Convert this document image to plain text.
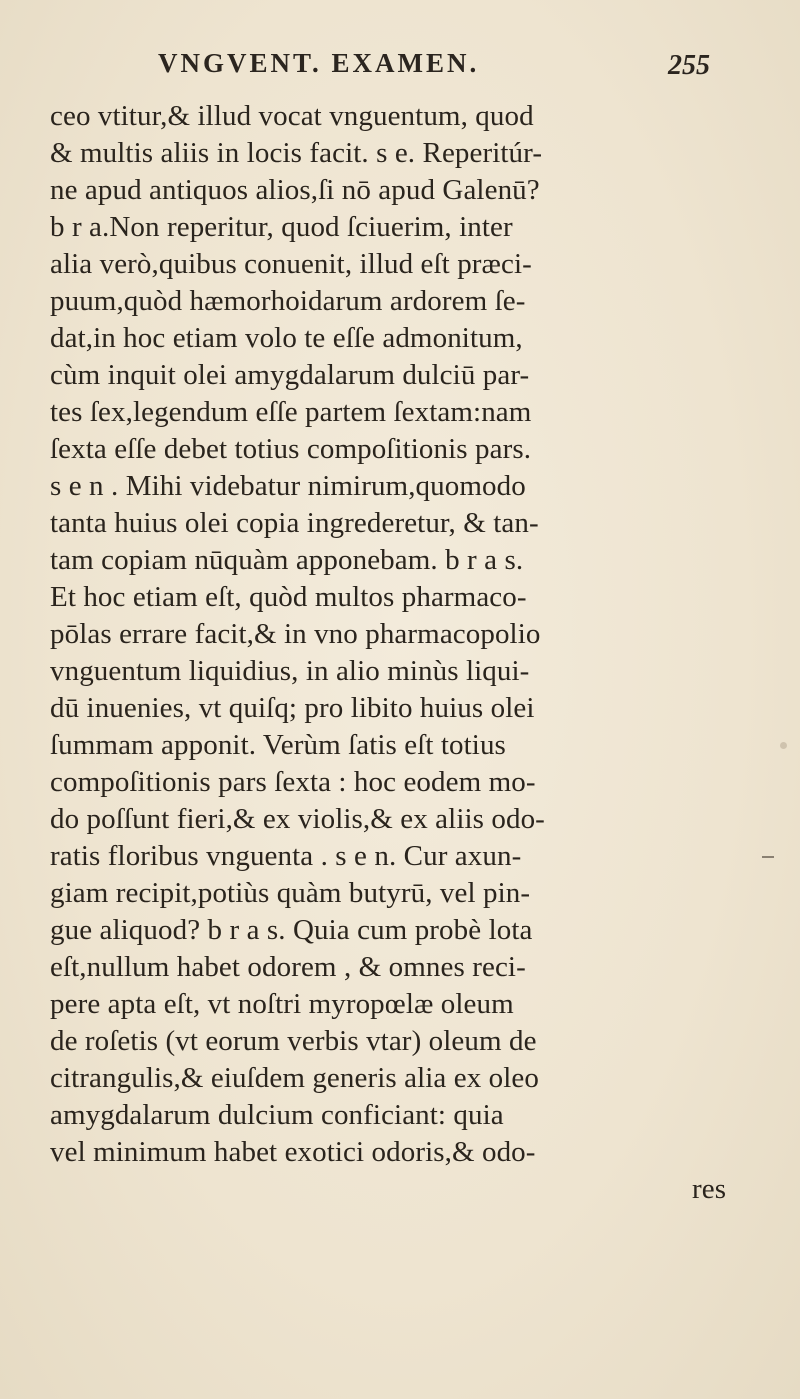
VNGVENT. EXAMEN.	255
ceo vtitur,& illud vocat vnguentum, quod
& multis aliis in locis facit. s e. Reperitúr-
ne apud antiquos alios,ſi nō apud Galenū?
b r a.Non reperitur, quod ſciuerim, inter
alia verò,quibus conuenit, illud eſt præci-
puum,quòd hæmorhoidarum ardorem ſe-
dat,in hoc etiam volo te eſſe admonitum,
cùm inquit olei amygdalarum dulciū par-
tes ſex,legendum eſſe partem ſextam:nam
ſexta eſſe debet totius compoſitionis pars.
s e n . Mihi videbatur nimirum,quomodo
tanta huius olei copia ingrederetur, & tan-
tam copiam nūquàm apponebam. b r a s.
Et hoc etiam eſt, quòd multos pharmaco-
pōlas errare facit,& in vno pharmacopolio
vnguentum liquidius, in alio minùs liqui-
dū inuenies, vt quiſq; pro libito huius olei
ſummam apponit. Verùm ſatis eſt totius
compoſitionis pars ſexta : hoc eodem mo-
do poſſunt fieri,& ex violis,& ex aliis odo-
ratis floribus vnguenta . s e n. Cur axun-
giam recipit,potiùs quàm butyrū, vel pin-
gue aliquod? b r a s. Quia cum probè lota
eſt,nullum habet odorem , & omnes reci-
pere apta eſt, vt noſtri myropœlæ oleum
de roſetis (vt eorum verbis vtar) oleum de
citrangulis,& eiuſdem generis alia ex oleo
amygdalarum dulcium conficiant: quia
vel minimum habet exotici odoris,& odo-
res
